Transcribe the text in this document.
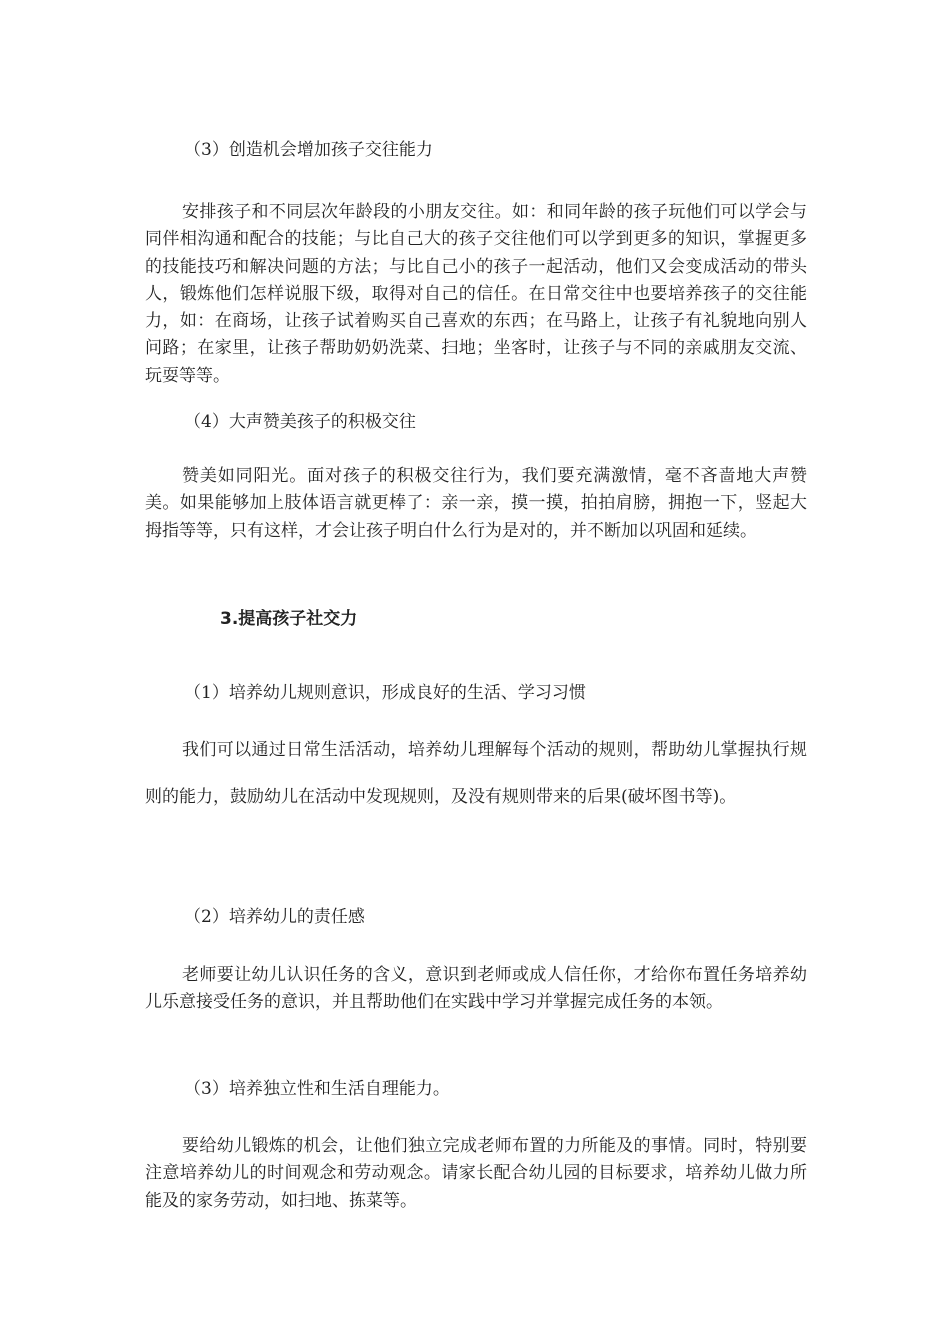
（3）创造机会增加孩子交往能力

安排孩子和不同层次年龄段的小朋友交往。如：和同年龄的孩子玩他们可以学会与同伴相沟通和配合的技能；与比自己大的孩子交往他们可以学到更多的知识，掌握更多的技能技巧和解决问题的方法；与比自己小的孩子一起活动，他们又会变成活动的带头人，锻炼他们怎样说服下级，取得对自己的信任。在日常交往中也要培养孩子的交往能力，如：在商场，让孩子试着购买自己喜欢的东西；在马路上，让孩子有礼貌地向别人问路；在家里，让孩子帮助奶奶洗菜、扫地；坐客时，让孩子与不同的亲戚朋友交流、玩耍等等。

（4）大声赞美孩子的积极交往

赞美如同阳光。面对孩子的积极交往行为，我们要充满激情，毫不吝啬地大声赞美。如果能够加上肢体语言就更棒了：亲一亲，摸一摸，拍拍肩膀，拥抱一下，竖起大拇指等等，只有这样，才会让孩子明白什么行为是对的，并不断加以巩固和延续。

3.提高孩子社交力
（1）培养幼儿规则意识，形成良好的生活、学习习惯

我们可以通过日常生活活动，培养幼儿理解每个活动的规则，帮助幼儿掌握执行规则的能力，鼓励幼儿在活动中发现规则，及没有规则带来的后果(破坏图书等)。

（2）培养幼儿的责任感

老师要让幼儿认识任务的含义，意识到老师或成人信任你，才给你布置任务培养幼儿乐意接受任务的意识，并且帮助他们在实践中学习并掌握完成任务的本领。

（3）培养独立性和生活自理能力。

要给幼儿锻炼的机会，让他们独立完成老师布置的力所能及的事情。同时，特别要注意培养幼儿的时间观念和劳动观念。请家长配合幼儿园的目标要求，培养幼儿做力所能及的家务劳动，如扫地、拣菜等。
